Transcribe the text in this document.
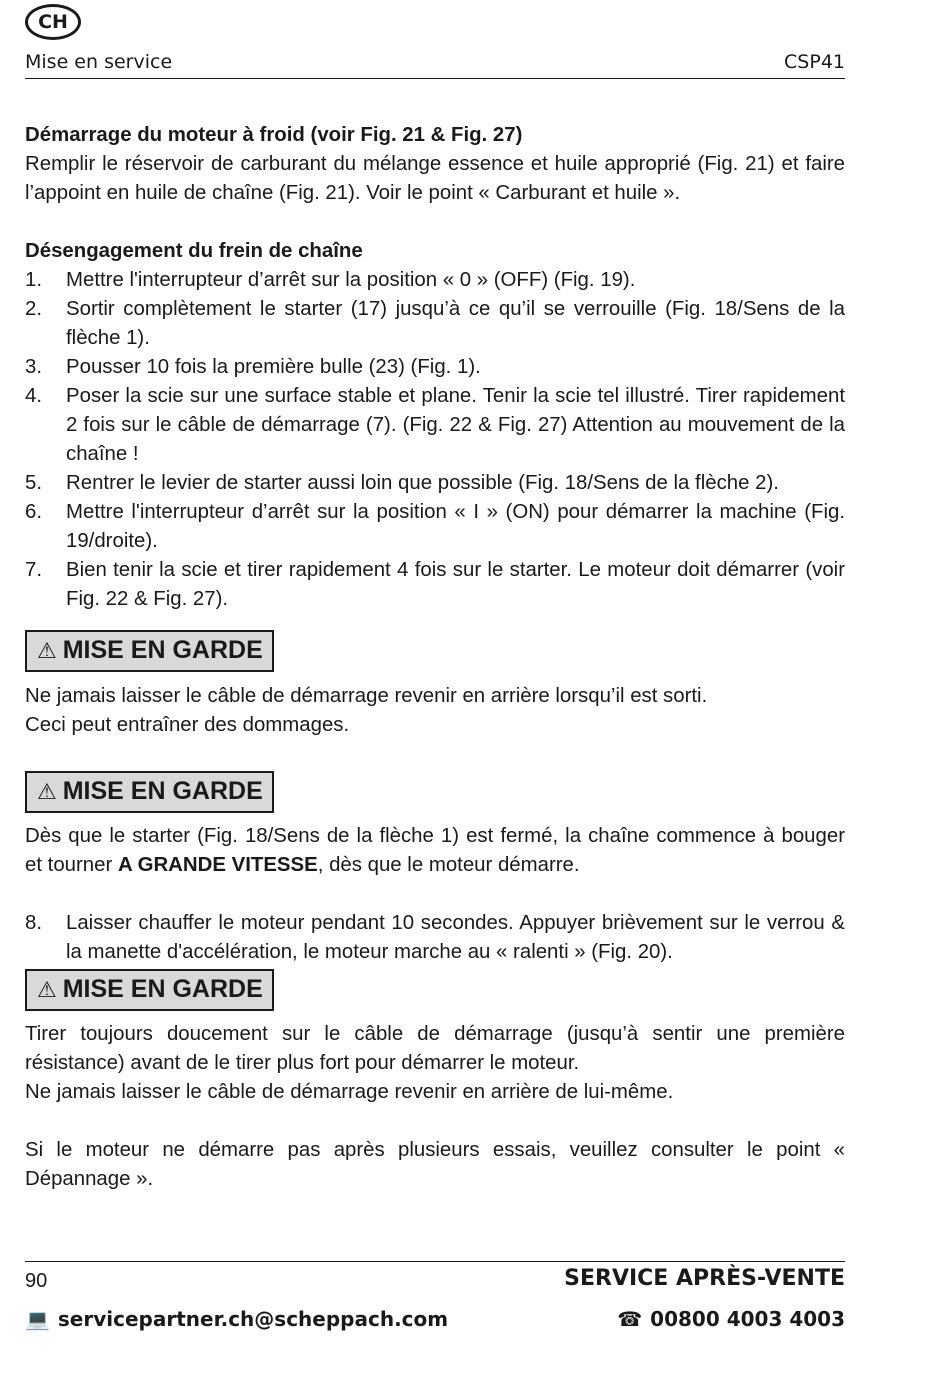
CH
Mise en service	CSP41

Démarrage du moteur à froid (voir Fig. 21 & Fig. 27)

Remplir le réservoir de carburant du mélange essence et huile approprié (Fig. 21) et faire l’appoint en huile de chaîne (Fig. 21). Voir le point « Carburant et huile ».

Désengagement du frein de chaîne

1.	Mettre l'interrupteur d’arrêt sur la position « 0 » (OFF) (Fig. 19).
2.	Sortir complètement le starter (17) jusqu’à ce qu’il se verrouille (Fig. 18/Sens de la flèche 1).
3.	Pousser 10 fois la première bulle (23) (Fig. 1).
4.	Poser la scie sur une surface stable et plane. Tenir la scie tel illustré. Tirer rapidement 2 fois sur le câble de démarrage (7). (Fig. 22 & Fig. 27) Attention au mouvement de la chaîne !
5.	Rentrer le levier de starter aussi loin que possible (Fig. 18/Sens de la flèche 2).
6.	Mettre l'interrupteur d’arrêt sur la position « I » (ON) pour démarrer la machine (Fig. 19/droite).
7.	Bien tenir la scie et tirer rapidement 4 fois sur le starter. Le moteur doit démarrer (voir Fig. 22 & Fig. 27).
⚠ MISE EN GARDE

Ne jamais laisser le câble de démarrage revenir en arrière lorsqu’il est sorti.

Ceci peut entraîner des dommages.

⚠ MISE EN GARDE

Dès que le starter (Fig. 18/Sens de la flèche 1) est fermé, la chaîne commence à bouger et tourner A GRANDE VITESSE, dès que le moteur démarre.

8.	Laisser chauffer le moteur pendant 10 secondes. Appuyer brièvement sur le verrou & la manette d'accélération, le moteur marche au « ralenti » (Fig. 20).
⚠ MISE EN GARDE

Tirer toujours doucement sur le câble de démarrage (jusqu’à sentir une première résistance) avant de le tirer plus fort pour démarrer le moteur.

Ne jamais laisser le câble de démarrage revenir en arrière de lui-même.

Si le moteur ne démarre pas après plusieurs essais, veuillez consulter le point « Dépannage ».

90	SERVICE APRÈS-VENTE
💻 servicepartner.ch@scheppach.com	☎ 00800 4003 4003
